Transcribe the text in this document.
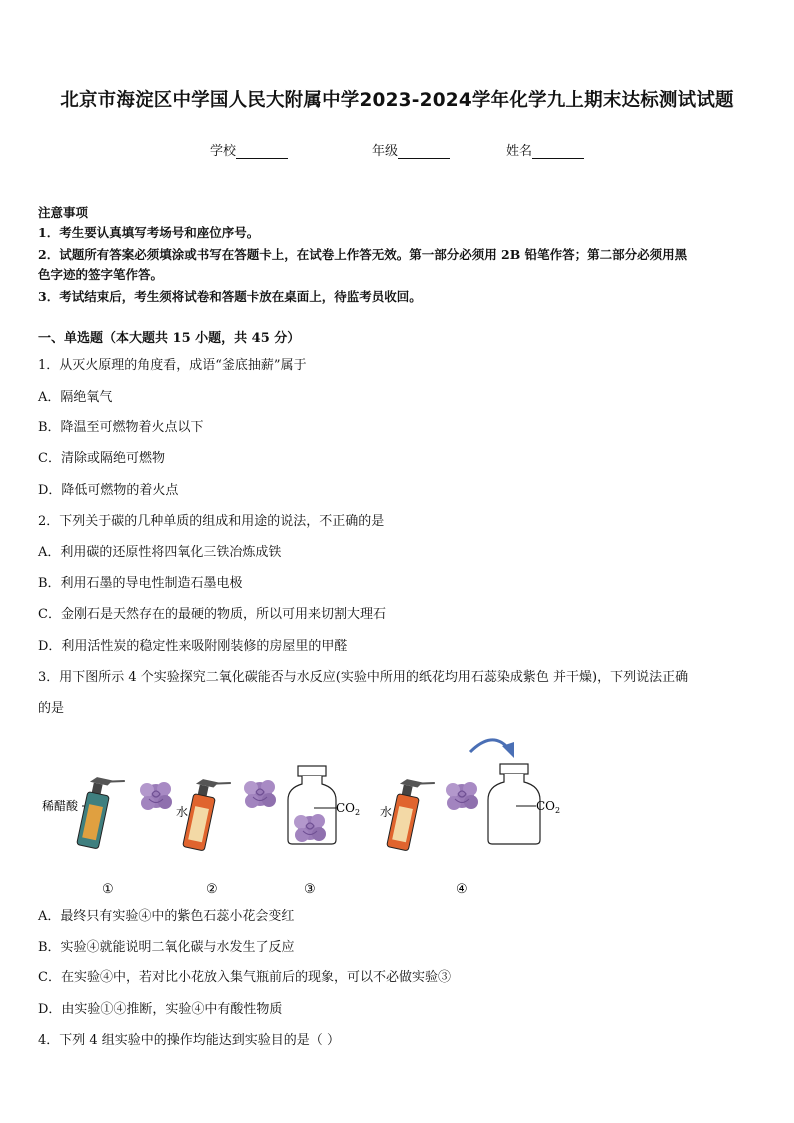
北京市海淀区中学国人民大附属中学2023-2024学年化学九上期末达标测试试题
学校	年级	姓名
注意事项
1．考生要认真填写考场号和座位序号。
2．试题所有答案必须填涂或书写在答题卡上，在试卷上作答无效。第一部分必须用 2B 铅笔作答；第二部分必须用黑
色字迹的签字笔作答。
3．考试结束后，考生须将试卷和答题卡放在桌面上，待监考员收回。
一、单选题（本大题共 15 小题，共 45 分）
1．从灭火原理的角度看，成语“釜底抽薪”属于
A．隔绝氧气
B．降温至可燃物着火点以下
C．清除或隔绝可燃物
D．降低可燃物的着火点
2．下列关于碳的几种单质的组成和用途的说法，不正确的是
A．利用碳的还原性将四氧化三铁冶炼成铁
B．利用石墨的导电性制造石墨电极
C．金刚石是天然存在的最硬的物质，所以可用来切割大理石
D．利用活性炭的稳定性来吸附刚装修的房屋里的甲醛
3．用下图所示 4 个实验探究二氧化碳能否与水反应(实验中所用的纸花均用石蕊染成紫色 并干燥)，下列说法正确
的是
稀醋酸
①
水
②
$CO_2$
③
水	$CO_2$
④
A．最终只有实验④中的紫色石蕊小花会变红
B．实验④就能说明二氧化碳与水发生了反应
C．在实验④中，若对比小花放入集气瓶前后的现象，可以不必做实验③
D．由实验①④推断，实验④中有酸性物质
4．下列 4 组实验中的操作均能达到实验目的是（ ）
